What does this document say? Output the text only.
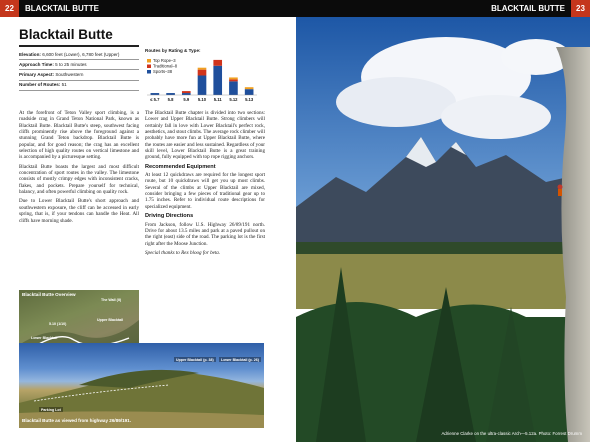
22	BLACKTAIL BUTTE	BLACKTAIL BUTTE	23
Blacktail Butte
Elevation: 6,600 feet (Lower), 6,780 feet (Upper)
Approach Time: 5 to 25 minutes
Primary Aspect: Southwestern
Number of Routes: 51
Routes by Rating & Type:
Top Rope–3
Traditional–8
Sports–38
≤ 5.7 5.8 5.9 5.10 5.11 5.12 5.13

At the forefront of Teton Valley sport climbing, is a roadside crag in Grand Teton National Park, known as Blacktail Butte. Blacktail Butte's steep, southwest facing cliffs prominently rise above the foreground against a stunning Grand Teton backdrop. Blacktail Butte is popular, and for good reason; the crag has an excellent selection of high quality routes on vertical limestone and is accompanied by a picturesque setting.

Blacktail Butte boasts the largest and most difficult concentration of sport routes in the valley. The limestone consists of mostly crimpy edges with inconsistent cracks, flakes, and pockets. Prepare yourself for technical, balancy, and often powerful climbing on quality rock.

Due to Lower Blacktail Butte's short approach and southwestern exposure, the cliff can be accessed in early spring, that is, if your tendons can handle the Heat. All cliffs have morning shade.

The Blacktail Butte chapter is divided into two sections: Lower and Upper Blacktail Butte. Strong climbers will certainly fall in love with Lower Blacktail's perfect rock, aesthetics, and stout climbs. The average rock climber will probably have more fun at Upper Blacktail Butte, where the routes are easier and less sustained. Regardless of your skill level, Lower Blacktail Butte is a great training ground, fully equipped with top rope rigging anchors.

Recommended Equipment

At least 12 quickdraws are required for the longest sport route, but 10 quickdraws will get you up most climbs. Several of the climbs at Upper Blacktail are mixed, consider bringing a few pieces of traditional gear up to 1.75 inches. Refer to individual route descriptions for specialized equipment.

Driving Directions

From Jackson, follow U.S. Highway 26/89/191 north. Drive for about 13.5 miles and park at a paved pullout on the right (east) side of the road. The parking lot is the first right after the Moose Junction.

Special thanks to Rex bloog for beta.

Blacktail Butte Overview
The Wall (II)
Upper Blacktail
5.10 (1/10)
Lower Blacktail
Upper Blacktail (p. 38)	Lower Blacktail (p. 26)
Parking Lot
Blacktail Butte as viewed from highway 26/89/191.
Adrienne Clarke on the ultra-classic Arch—5.12a. Photo: Forrest Drumm
